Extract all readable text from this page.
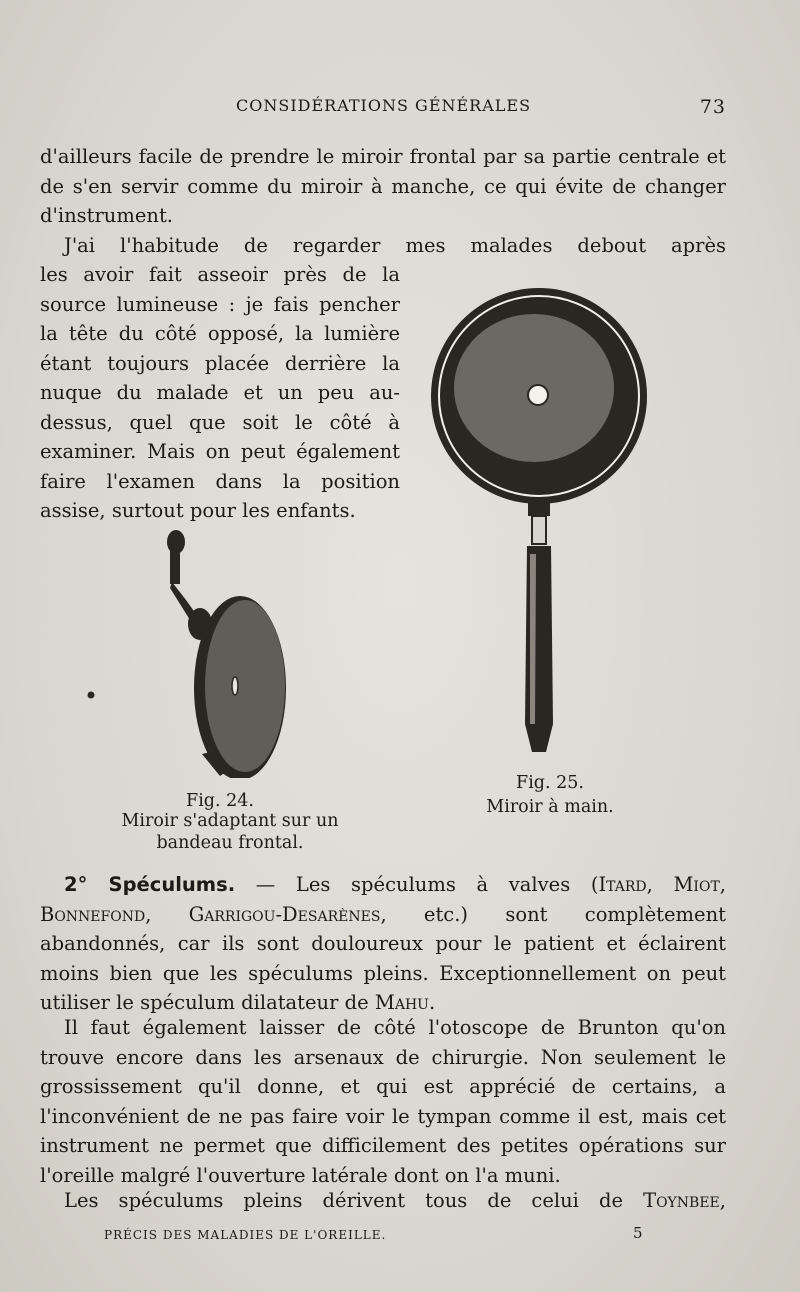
CONSIDÉRATIONS GÉNÉRALES	73

d'ailleurs facile de prendre le miroir frontal par sa partie centrale et de s'en servir comme du miroir à manche, ce qui évite de changer d'instrument.

J'ai l'habitude de regarder mes malades debout après

les avoir fait asseoir près de la source lumineuse : je fais pencher la tête du côté opposé, la lumière étant toujours placée derrière la nuque du malade et un peu au-dessus, quel que soit le côté à examiner. Mais on peut également faire l'examen dans la position assise, surtout pour les enfants.

Fig. 24.
Miroir s'adaptant sur un
bandeau frontal.
Fig. 25.
Miroir à main.

2° Spéculums. — Les spéculums à valves (Itard, Miot, Bonnefond, Garrigou-Desarènes, etc.) sont complètement abandonnés, car ils sont douloureux pour le patient et éclairent moins bien que les spéculums pleins. Exceptionnellement on peut utiliser le spéculum dilatateur de Mahu.

Il faut également laisser de côté l'otoscope de Brunton qu'on trouve encore dans les arsenaux de chirurgie. Non seulement le grossissement qu'il donne, et qui est apprécié de certains, a l'inconvénient de ne pas faire voir le tympan comme il est, mais cet instrument ne permet que difficilement des petites opérations sur l'oreille malgré l'ouverture latérale dont on l'a muni.

Les spéculums pleins dérivent tous de celui de Toynbee,

PRÉCIS DES MALADIES DE L'OREILLE.	5
